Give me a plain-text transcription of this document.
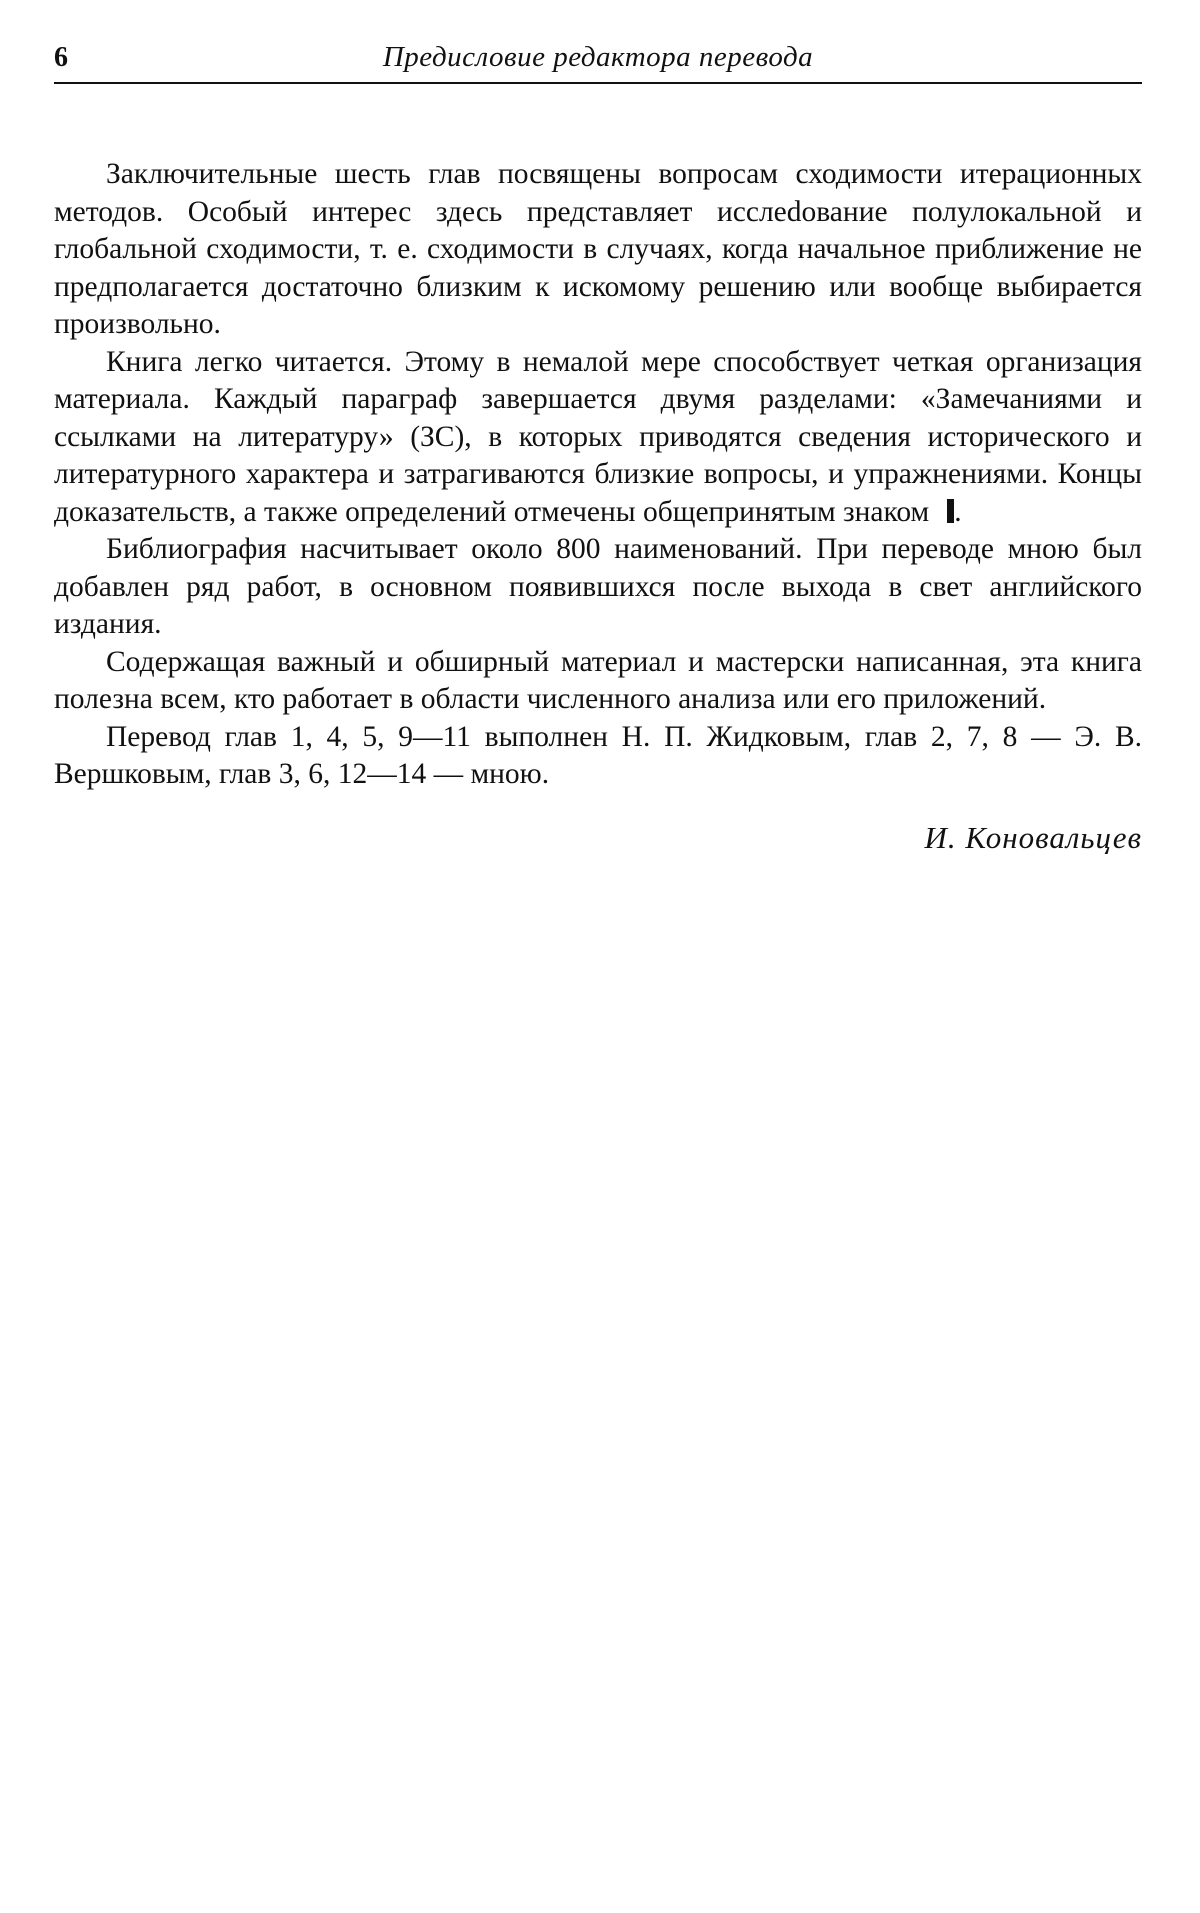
6	Предисловие редактора перевода

Заключительные шесть глав посвящены вопросам сходимости итерационных методов. Особый интерес здесь представляет исслеdование полулокальной и глобальной сходимости, т. е. сходимости в случаях, когда начальное приближение не предполагается достаточно близким к искомому решению или вообще выбирается произвольно.

Книга легко читается. Этому в немалой мере способствует четкая организация материала. Каждый параграф завершается двумя разделами: «Замечаниями и ссылками на литературу» (ЗС), в которых приводятся сведения исторического и литературного характера и затрагиваются близкие вопросы, и упражнениями. Концы доказательств, а также определений отмечены общепринятым знаком .

Библиография насчитывает около 800 наименований. При переводе мною был добавлен ряд работ, в основном появившихся после выхода в свет английского издания.

Содержащая важный и обширный материал и мастерски написанная, эта книга полезна всем, кто работает в области численного анализа или его приложений.

Перевод глав 1, 4, 5, 9—11 выполнен Н. П. Жидковым, глав 2, 7, 8 — Э. В. Вершковым, глав 3, 6, 12—14 — мною.

И. Коновальцев
